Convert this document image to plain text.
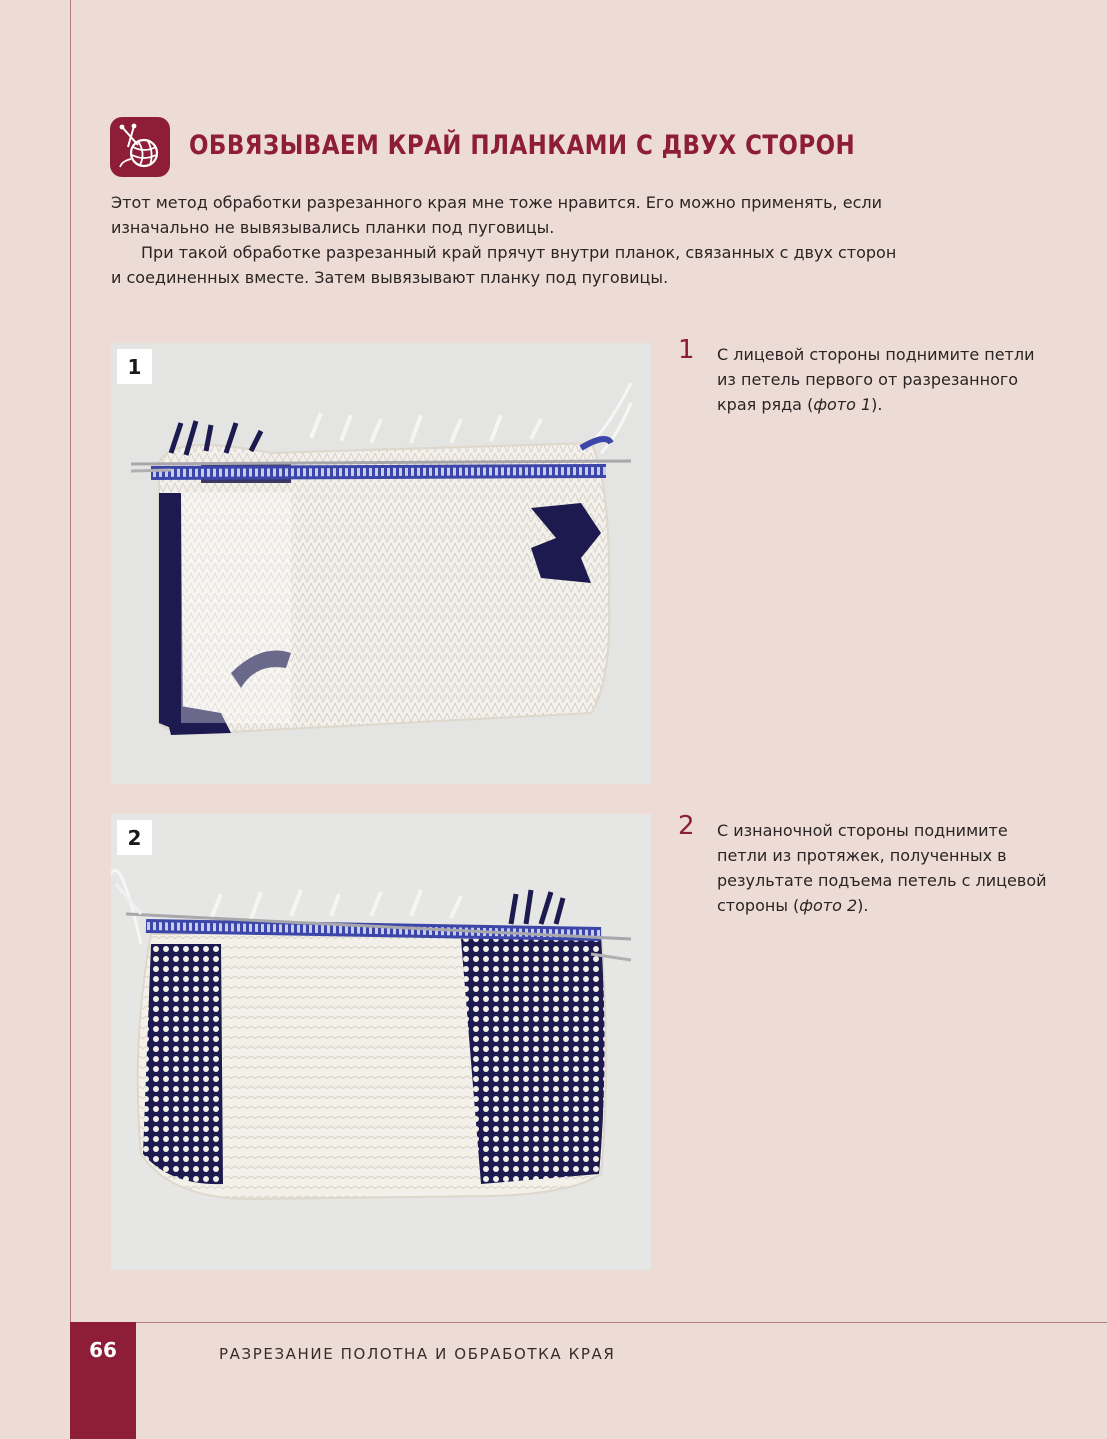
ОБВЯЗЫВАЕМ КРАЙ ПЛАНКАМИ С ДВУХ СТОРОН

Этот метод обработки разрезанного края мне тоже нравится. Его можно применять, если изначально не вывязывались планки под пуговицы.

При такой обработке разрезанный край прячут внутри планок, связанных с двух сторон и соединенных вместе. Затем вывязывают планку под пуговицы.

1
1 С лицевой стороны поднимите петли из петель первого от разрезанного края ряда (фото 1).
2	2 С изнаночной стороны поднимите петли из протяжек, полученных в результате подъема петель с лицевой стороны (фото 2).
66	РАЗРЕЗАНИЕ ПОЛОТНА И ОБРАБОТКА КРАЯ
